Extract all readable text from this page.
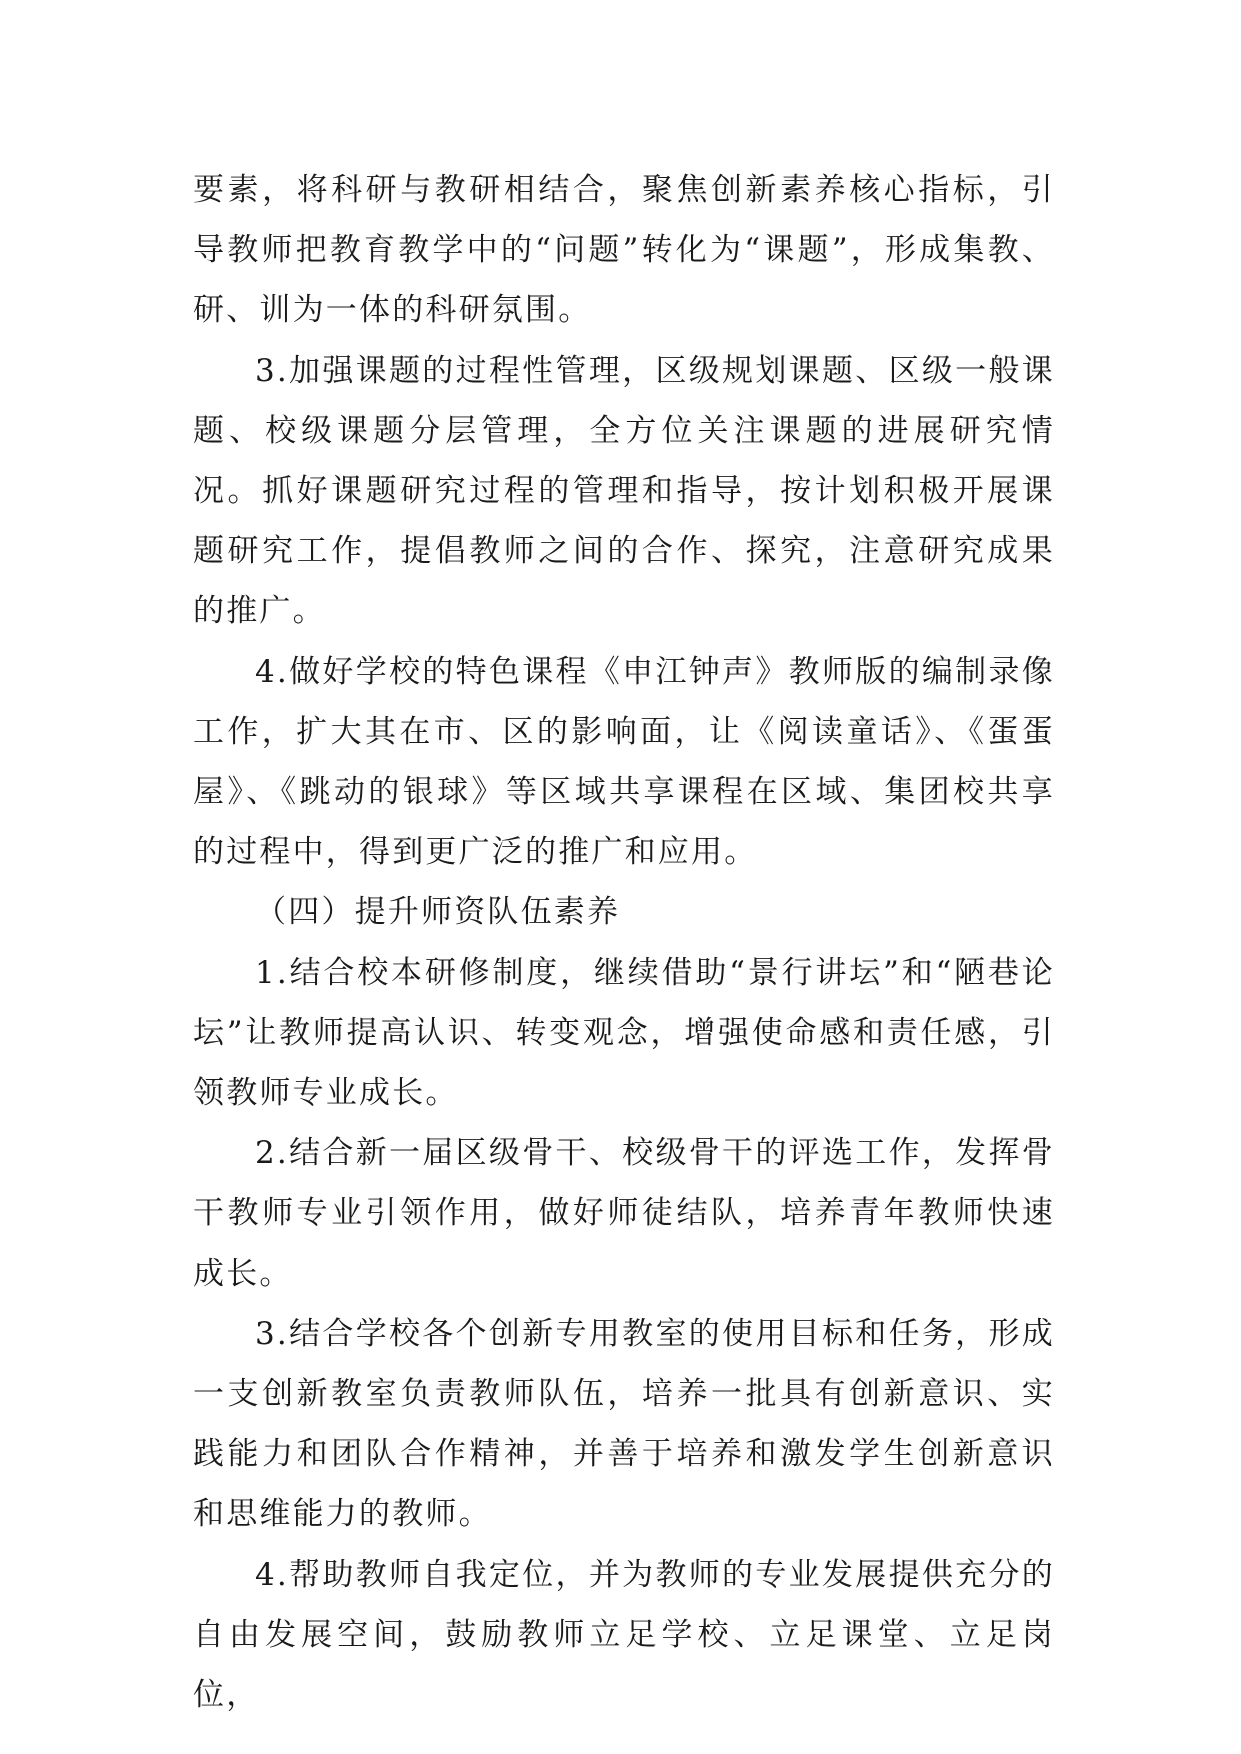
要素，将科研与教研相结合，聚焦创新素养核心指标，引导教师把教育教学中的“问题”转化为“课题”，形成集教、研、训为一体的科研氛围。

3.加强课题的过程性管理，区级规划课题、区级一般课题、校级课题分层管理，全方位关注课题的进展研究情况。抓好课题研究过程的管理和指导，按计划积极开展课题研究工作，提倡教师之间的合作、探究，注意研究成果的推广。

4.做好学校的特色课程《申江钟声》教师版的编制录像工作，扩大其在市、区的影响面，让《阅读童话》、《蛋蛋屋》、《跳动的银球》等区域共享课程在区域、集团校共享的过程中，得到更广泛的推广和应用。

（四）提升师资队伍素养

1.结合校本研修制度，继续借助“景行讲坛”和“陋巷论坛”让教师提高认识、转变观念，增强使命感和责任感，引领教师专业成长。

2.结合新一届区级骨干、校级骨干的评选工作，发挥骨干教师专业引领作用，做好师徒结队，培养青年教师快速成长。

3.结合学校各个创新专用教室的使用目标和任务，形成一支创新教室负责教师队伍，培养一批具有创新意识、实践能力和团队合作精神，并善于培养和激发学生创新意识和思维能力的教师。

4.帮助教师自我定位，并为教师的专业发展提供充分的自由发展空间，鼓励教师立足学校、立足课堂、立足岗位，
